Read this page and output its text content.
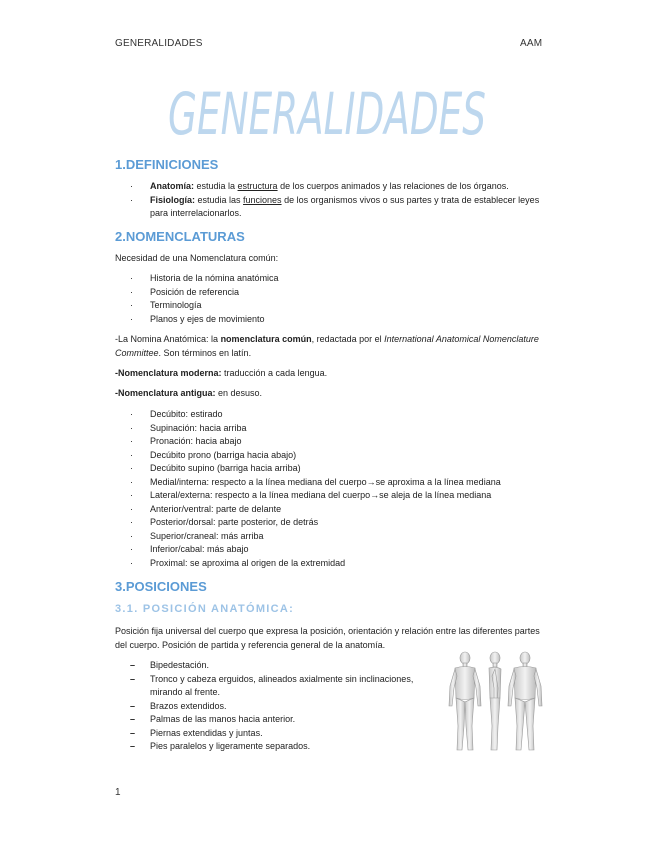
GENERALIDADES	AAM
GENERALIDADES
1.DEFINICIONES
· Anatomía: estudia la estructura de los cuerpos animados y las relaciones de los órganos.
· Fisiología: estudia las funciones de los organismos vivos o sus partes y trata de establecer leyes para interrelacionarlos.
2.NOMENCLATURAS

Necesidad de una Nomenclatura común:

· Historia de la nómina anatómica
· Posición de referencia
· Terminología
· Planos y ejes de movimiento

-La Nomina Anatómica: la nomenclatura común, redactada por el International Anatomical Nomenclature Committee. Son términos en latín.

-Nomenclatura moderna: traducción a cada lengua.

-Nomenclatura antigua: en desuso.

· Decúbito: estirado
· Supinación: hacia arriba
· Pronación: hacia abajo
· Decúbito prono (barriga hacia abajo)
· Decúbito supino (barriga hacia arriba)
· Medial/interna: respecto a la línea mediana del cuerpo→se aproxima a la línea mediana
· Lateral/externa: respecto a la línea mediana del cuerpo→se aleja de la línea mediana
· Anterior/ventral: parte de delante
· Posterior/dorsal: parte posterior, de detrás
· Superior/craneal: más arriba
· Inferior/cabal: más abajo
· Proximal: se aproxima al origen de la extremidad
3.POSICIONES
3.1. POSICIÓN ANATÓMICA:

Posición fija universal del cuerpo que expresa la posición, orientación y relación entre las diferentes partes del cuerpo. Posición de partida y referencia general de la anatomía.

– Bipedestación.
– Tronco y cabeza erguidos, alineados axialmente sin inclinaciones, mirando al frente.
– Brazos extendidos.
– Palmas de las manos hacia anterior.
– Piernas extendidas y juntas.
– Pies paralelos y ligeramente separados.
1
